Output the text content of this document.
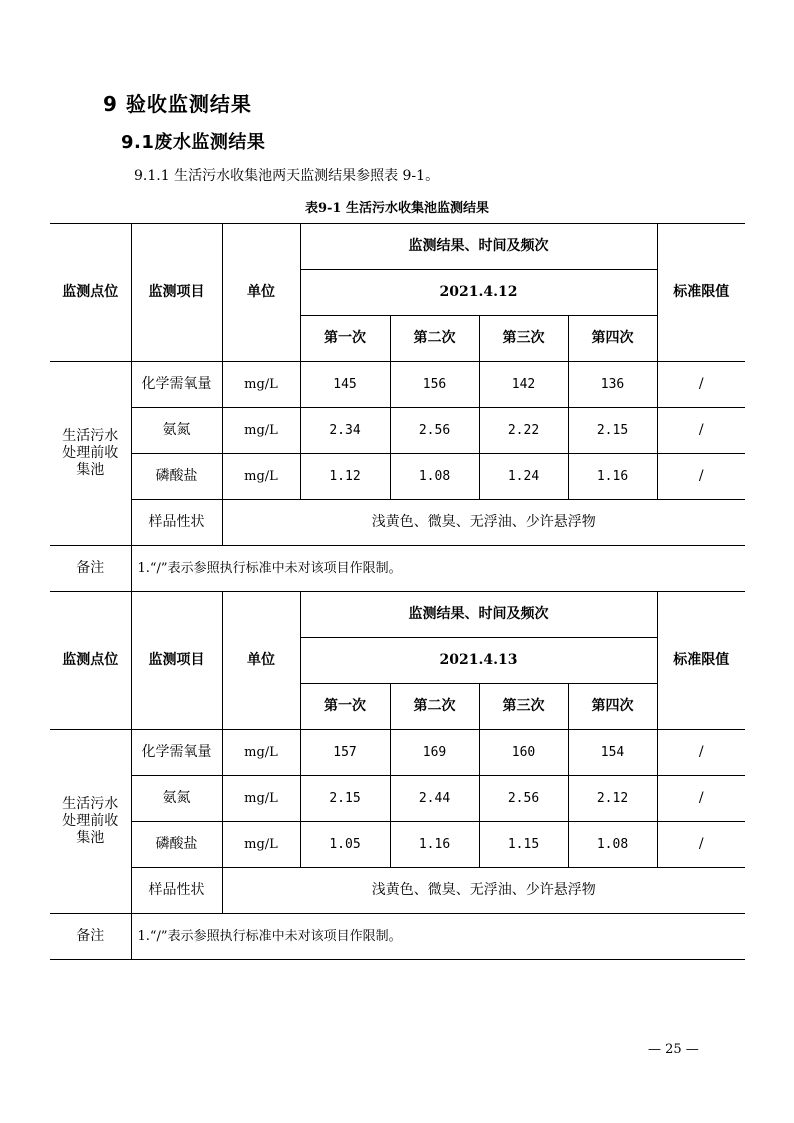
9 验收监测结果
9.1废水监测结果
9.1.1 生活污水收集池两天监测结果参照表 9-1。
表9-1 生活污水收集池监测结果
监测点位	监测项目	单位	监测结果、时间及频次				标准限值
			2021.4.12				
			第一次	第二次	第三次	第四次	
生活污水
处理前收
集池	化学需氧量	mg/L	145	156	142	136	/
	氨氮	mg/L	2.34	2.56	2.22	2.15	/
	磷酸盐	mg/L	1.12	1.08	1.24	1.16	/
	样品性状	浅黄色、微臭、无浮油、少许悬浮物					
备注	1.“/”表示参照执行标准中未对该项目作限制。						
监测点位	监测项目	单位	监测结果、时间及频次				标准限值
			2021.4.13				
			第一次	第二次	第三次	第四次	
生活污水
处理前收
集池	化学需氧量	mg/L	157	169	160	154	/
	氨氮	mg/L	2.15	2.44	2.56	2.12	/
	磷酸盐	mg/L	1.05	1.16	1.15	1.08	/
	样品性状	浅黄色、微臭、无浮油、少许悬浮物					
备注	1.“/”表示参照执行标准中未对该项目作限制。						
— 25 —
